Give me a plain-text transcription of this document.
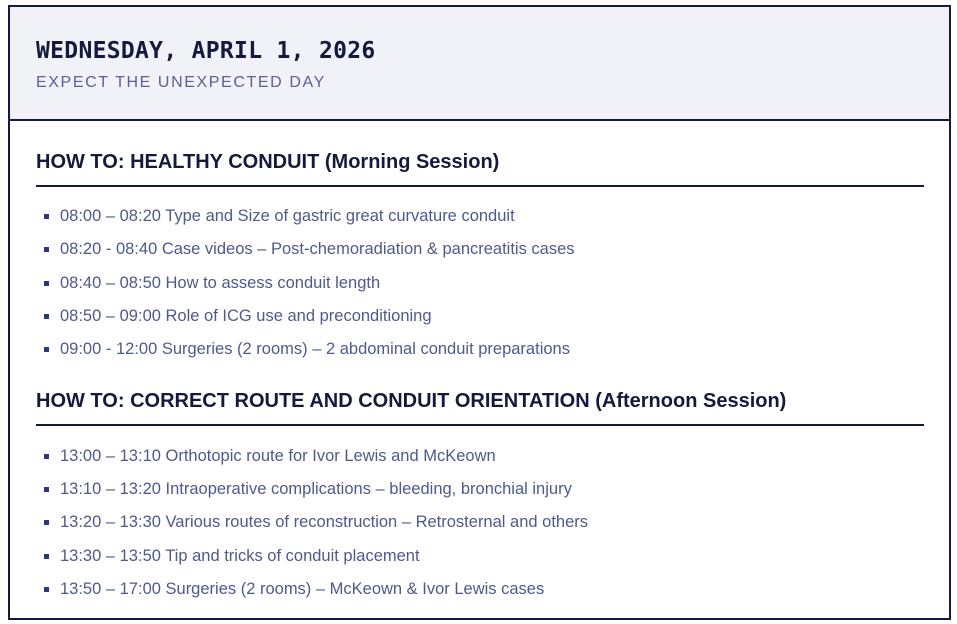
WEDNESDAY, APRIL 1, 2026
EXPECT THE UNEXPECTED DAY
HOW TO: HEALTHY CONDUIT (Morning Session)
08:00 – 08:20 Type and Size of gastric great curvature conduit
08:20 - 08:40 Case videos – Post-chemoradiation & pancreatitis cases
08:40 – 08:50 How to assess conduit length
08:50 – 09:00 Role of ICG use and preconditioning
09:00 - 12:00 Surgeries (2 rooms) – 2 abdominal conduit preparations
HOW TO: CORRECT ROUTE AND CONDUIT ORIENTATION (Afternoon Session)
13:00 – 13:10 Orthotopic route for Ivor Lewis and McKeown
13:10 – 13:20 Intraoperative complications – bleeding, bronchial injury
13:20 – 13:30 Various routes of reconstruction – Retrosternal and others
13:30 – 13:50 Tip and tricks of conduit placement
13:50 – 17:00 Surgeries (2 rooms) – McKeown & Ivor Lewis cases
